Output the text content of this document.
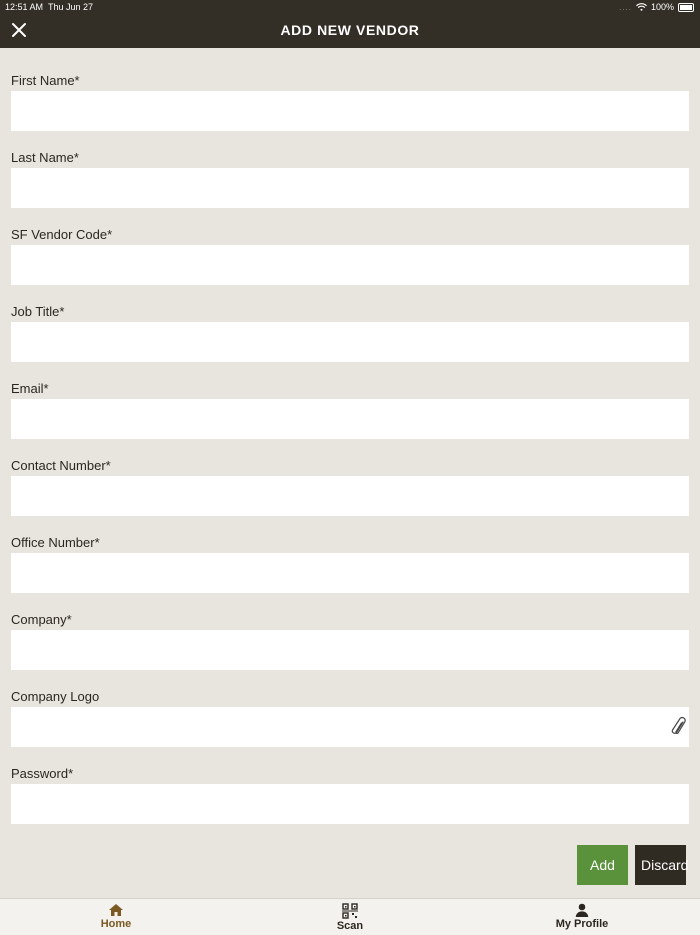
12:51 AM Thu Jun 27	.... 100%
ADD NEW VENDOR
First Name*
Last Name*
SF Vendor Code*
Job Title*
Email*
Contact Number*
Office Number*
Company*
Company Logo
Password*
Add	Discard
Home	Scan	My Profile
